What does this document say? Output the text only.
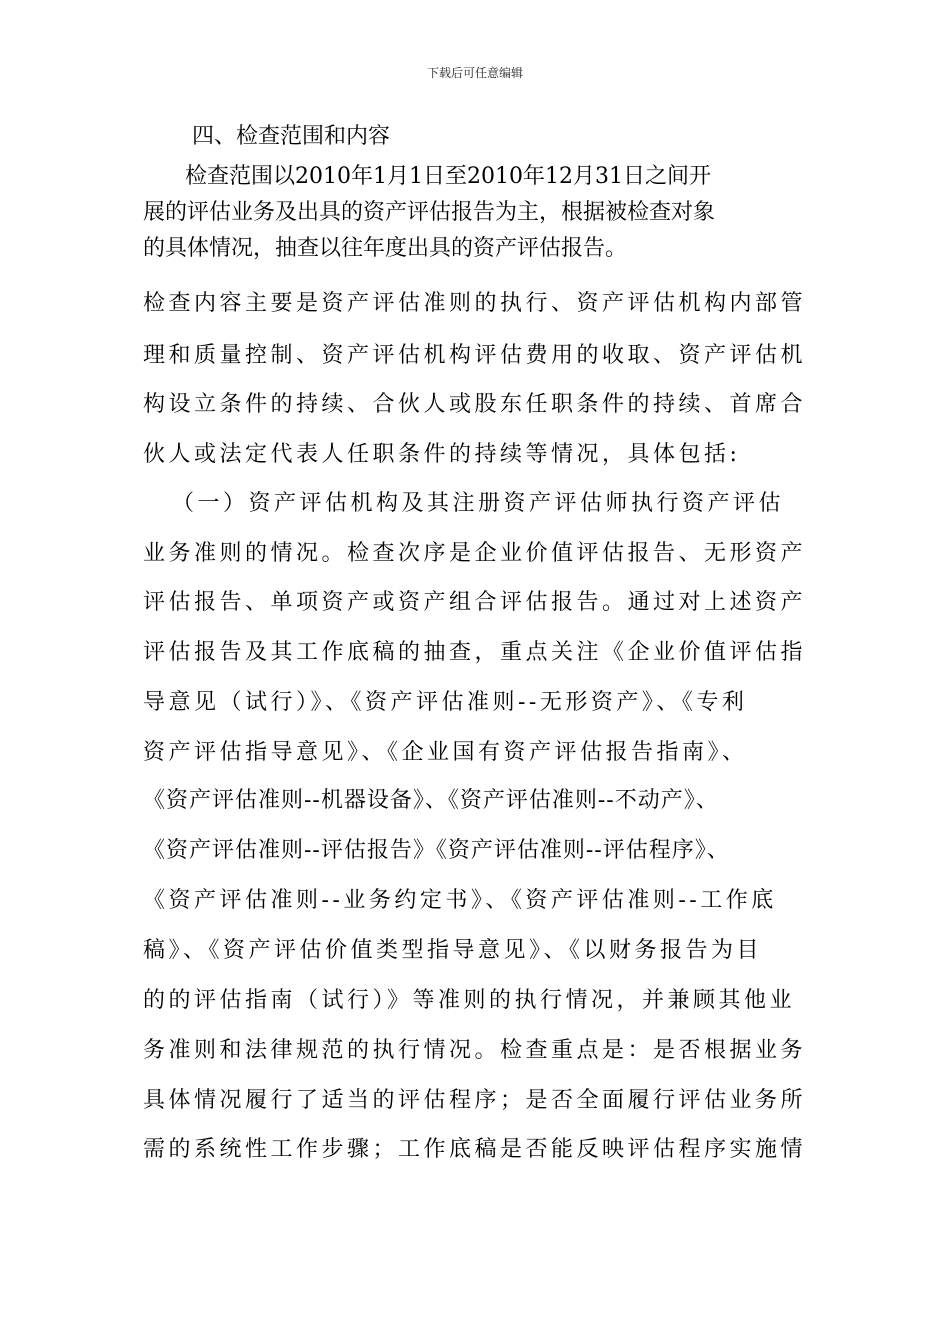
下载后可任意编辑
四、检查范围和内容
检查范围以2010年1月1日至2010年12月31日之间开
展的评估业务及出具的资产评估报告为主，根据被检查对象
的具体情况，抽查以往年度出具的资产评估报告。
检查内容主要是资产评估准则的执行、资产评估机构内部管
理和质量控制、资产评估机构评估费用的收取、资产评估机
构设立条件的持续、合伙人或股东任职条件的持续、首席合
伙人或法定代表人任职条件的持续等情况，具体包括:
（一）资产评估机构及其注册资产评估师执行资产评估
业务准则的情况。检查次序是企业价值评估报告、无形资产
评估报告、单项资产或资产组合评估报告。通过对上述资产
评估报告及其工作底稿的抽查，重点关注《企业价值评估指
导意见（试行）》、《资产评估准则--无形资产》、《专利
资产评估指导意见》、《企业国有资产评估报告指南》、
《资产评估准则--机器设备》、《资产评估准则--不动产》、
《资产评估准则--评估报告》《资产评估准则--评估程序》、
《资产评估准则--业务约定书》、《资产评估准则--工作底
稿》、《资产评估价值类型指导意见》、《以财务报告为目
的的评估指南（试行）》等准则的执行情况，并兼顾其他业
务准则和法律规范的执行情况。检查重点是：是否根据业务
具体情况履行了适当的评估程序；是否全面履行评估业务所
需的系统性工作步骤；工作底稿是否能反映评估程序实施情
